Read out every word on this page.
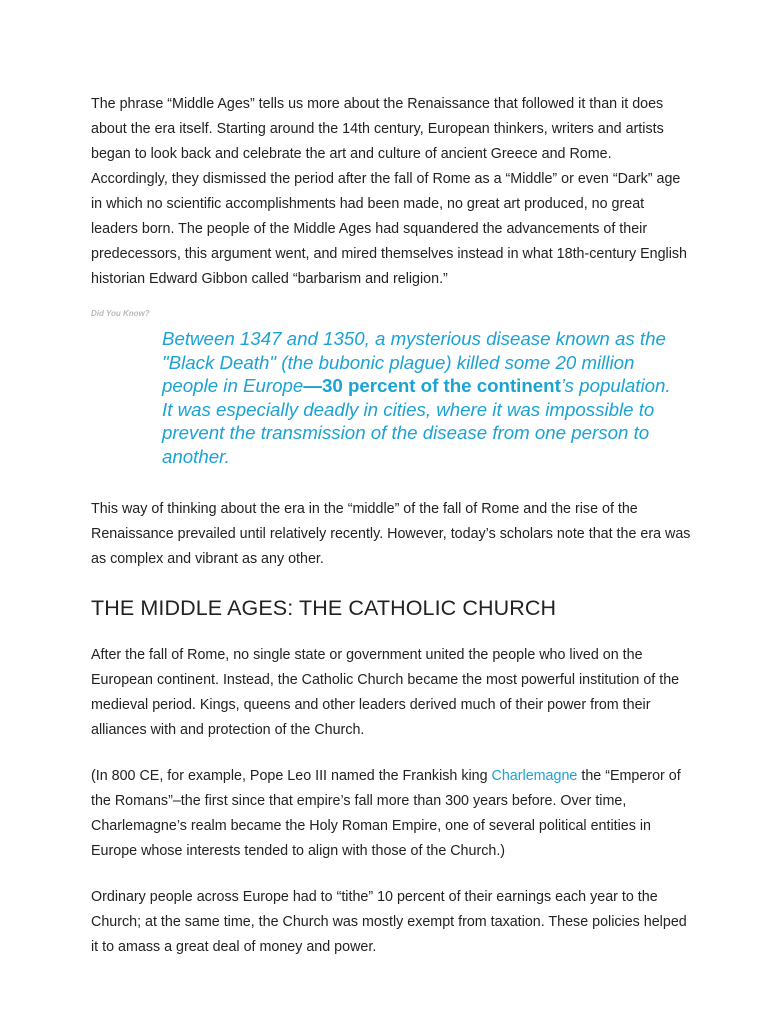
The phrase “Middle Ages” tells us more about the Renaissance that followed it than it does about the era itself. Starting around the 14th century, European thinkers, writers and artists began to look back and celebrate the art and culture of ancient Greece and Rome. Accordingly, they dismissed the period after the fall of Rome as a “Middle” or even “Dark” age in which no scientific accomplishments had been made, no great art produced, no great leaders born. The people of the Middle Ages had squandered the advancements of their predecessors, this argument went, and mired themselves instead in what 18th-century English historian Edward Gibbon called “barbarism and religion.”

Did You Know?
Between 1347 and 1350, a mysterious disease known as the "Black Death" (the bubonic plague) killed some 20 million people in Europe—30 percent of the continent’s population. It was especially deadly in cities, where it was impossible to prevent the transmission of the disease from one person to another.

This way of thinking about the era in the “middle” of the fall of Rome and the rise of the Renaissance prevailed until relatively recently. However, today’s scholars note that the era was as complex and vibrant as any other.

THE MIDDLE AGES: THE CATHOLIC CHURCH

After the fall of Rome, no single state or government united the people who lived on the European continent. Instead, the Catholic Church became the most powerful institution of the medieval period. Kings, queens and other leaders derived much of their power from their alliances with and protection of the Church.

(In 800 CE, for example, Pope Leo III named the Frankish king Charlemagne the “Emperor of the Romans”–the first since that empire’s fall more than 300 years before. Over time, Charlemagne’s realm became the Holy Roman Empire, one of several political entities in Europe whose interests tended to align with those of the Church.)

Ordinary people across Europe had to “tithe” 10 percent of their earnings each year to the Church; at the same time, the Church was mostly exempt from taxation. These policies helped it to amass a great deal of money and power.
